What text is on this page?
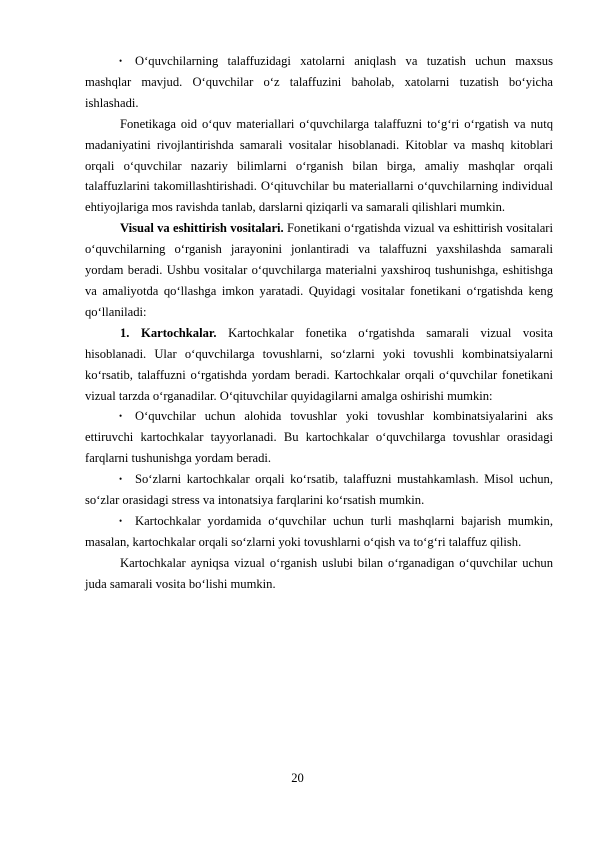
• O‘quvchilarning talaffuzidagi xatolarni aniqlash va tuzatish uchun maxsus mashqlar mavjud. O‘quvchilar o‘z talaffuzini baholab, xatolarni tuzatish bo‘yicha ishlashadi.

Fonetikaga oid o‘quv materiallari o‘quvchilarga talaffuzni to‘g‘ri o‘rgatish va nutq madaniyatini rivojlantirishda samarali vositalar hisoblanadi. Kitoblar va mashq kitoblari orqali o‘quvchilar nazariy bilimlarni o‘rganish bilan birga, amaliy mashqlar orqali talaffuzlarini takomillashtirishadi. O‘qituvchilar bu materiallarni o‘quvchilarning individual ehtiyojlariga mos ravishda tanlab, darslarni qiziqarli va samarali qilishlari mumkin.

Visual va eshittirish vositalari. Fonetikani o‘rgatishda vizual va eshittirish vositalari o‘quvchilarning o‘rganish jarayonini jonlantiradi va talaffuzni yaxshilashda samarali yordam beradi. Ushbu vositalar o‘quvchilarga materialni yaxshiroq tushunishga, eshitishga va amaliyotda qo‘llashga imkon yaratadi. Quyidagi vositalar fonetikani o‘rgatishda keng qo‘llaniladi:

1. Kartochkalar. Kartochkalar fonetika o‘rgatishda samarali vizual vosita hisoblanadi. Ular o‘quvchilarga tovushlarni, so‘zlarni yoki tovushli kombinatsiyalarni ko‘rsatib, talaffuzni o‘rgatishda yordam beradi. Kartochkalar orqali o‘quvchilar fonetikani vizual tarzda o‘rganadilar. O‘qituvchilar quyidagilarni amalga oshirishi mumkin:

• O‘quvchilar uchun alohida tovushlar yoki tovushlar kombinatsiyalarini aks ettiruvchi kartochkalar tayyorlanadi. Bu kartochkalar o‘quvchilarga tovushlar orasidagi farqlarni tushunishga yordam beradi.

• So‘zlarni kartochkalar orqali ko‘rsatib, talaffuzni mustahkamlash. Misol uchun, so‘zlar orasidagi stress va intonatsiya farqlarini ko‘rsatish mumkin.

• Kartochkalar yordamida o‘quvchilar uchun turli mashqlarni bajarish mumkin, masalan, kartochkalar orqali so‘zlarni yoki tovushlarni o‘qish va to‘g‘ri talaffuz qilish.

Kartochkalar ayniqsa vizual o‘rganish uslubi bilan o‘rganadigan o‘quvchilar uchun juda samarali vosita bo‘lishi mumkin.

20
